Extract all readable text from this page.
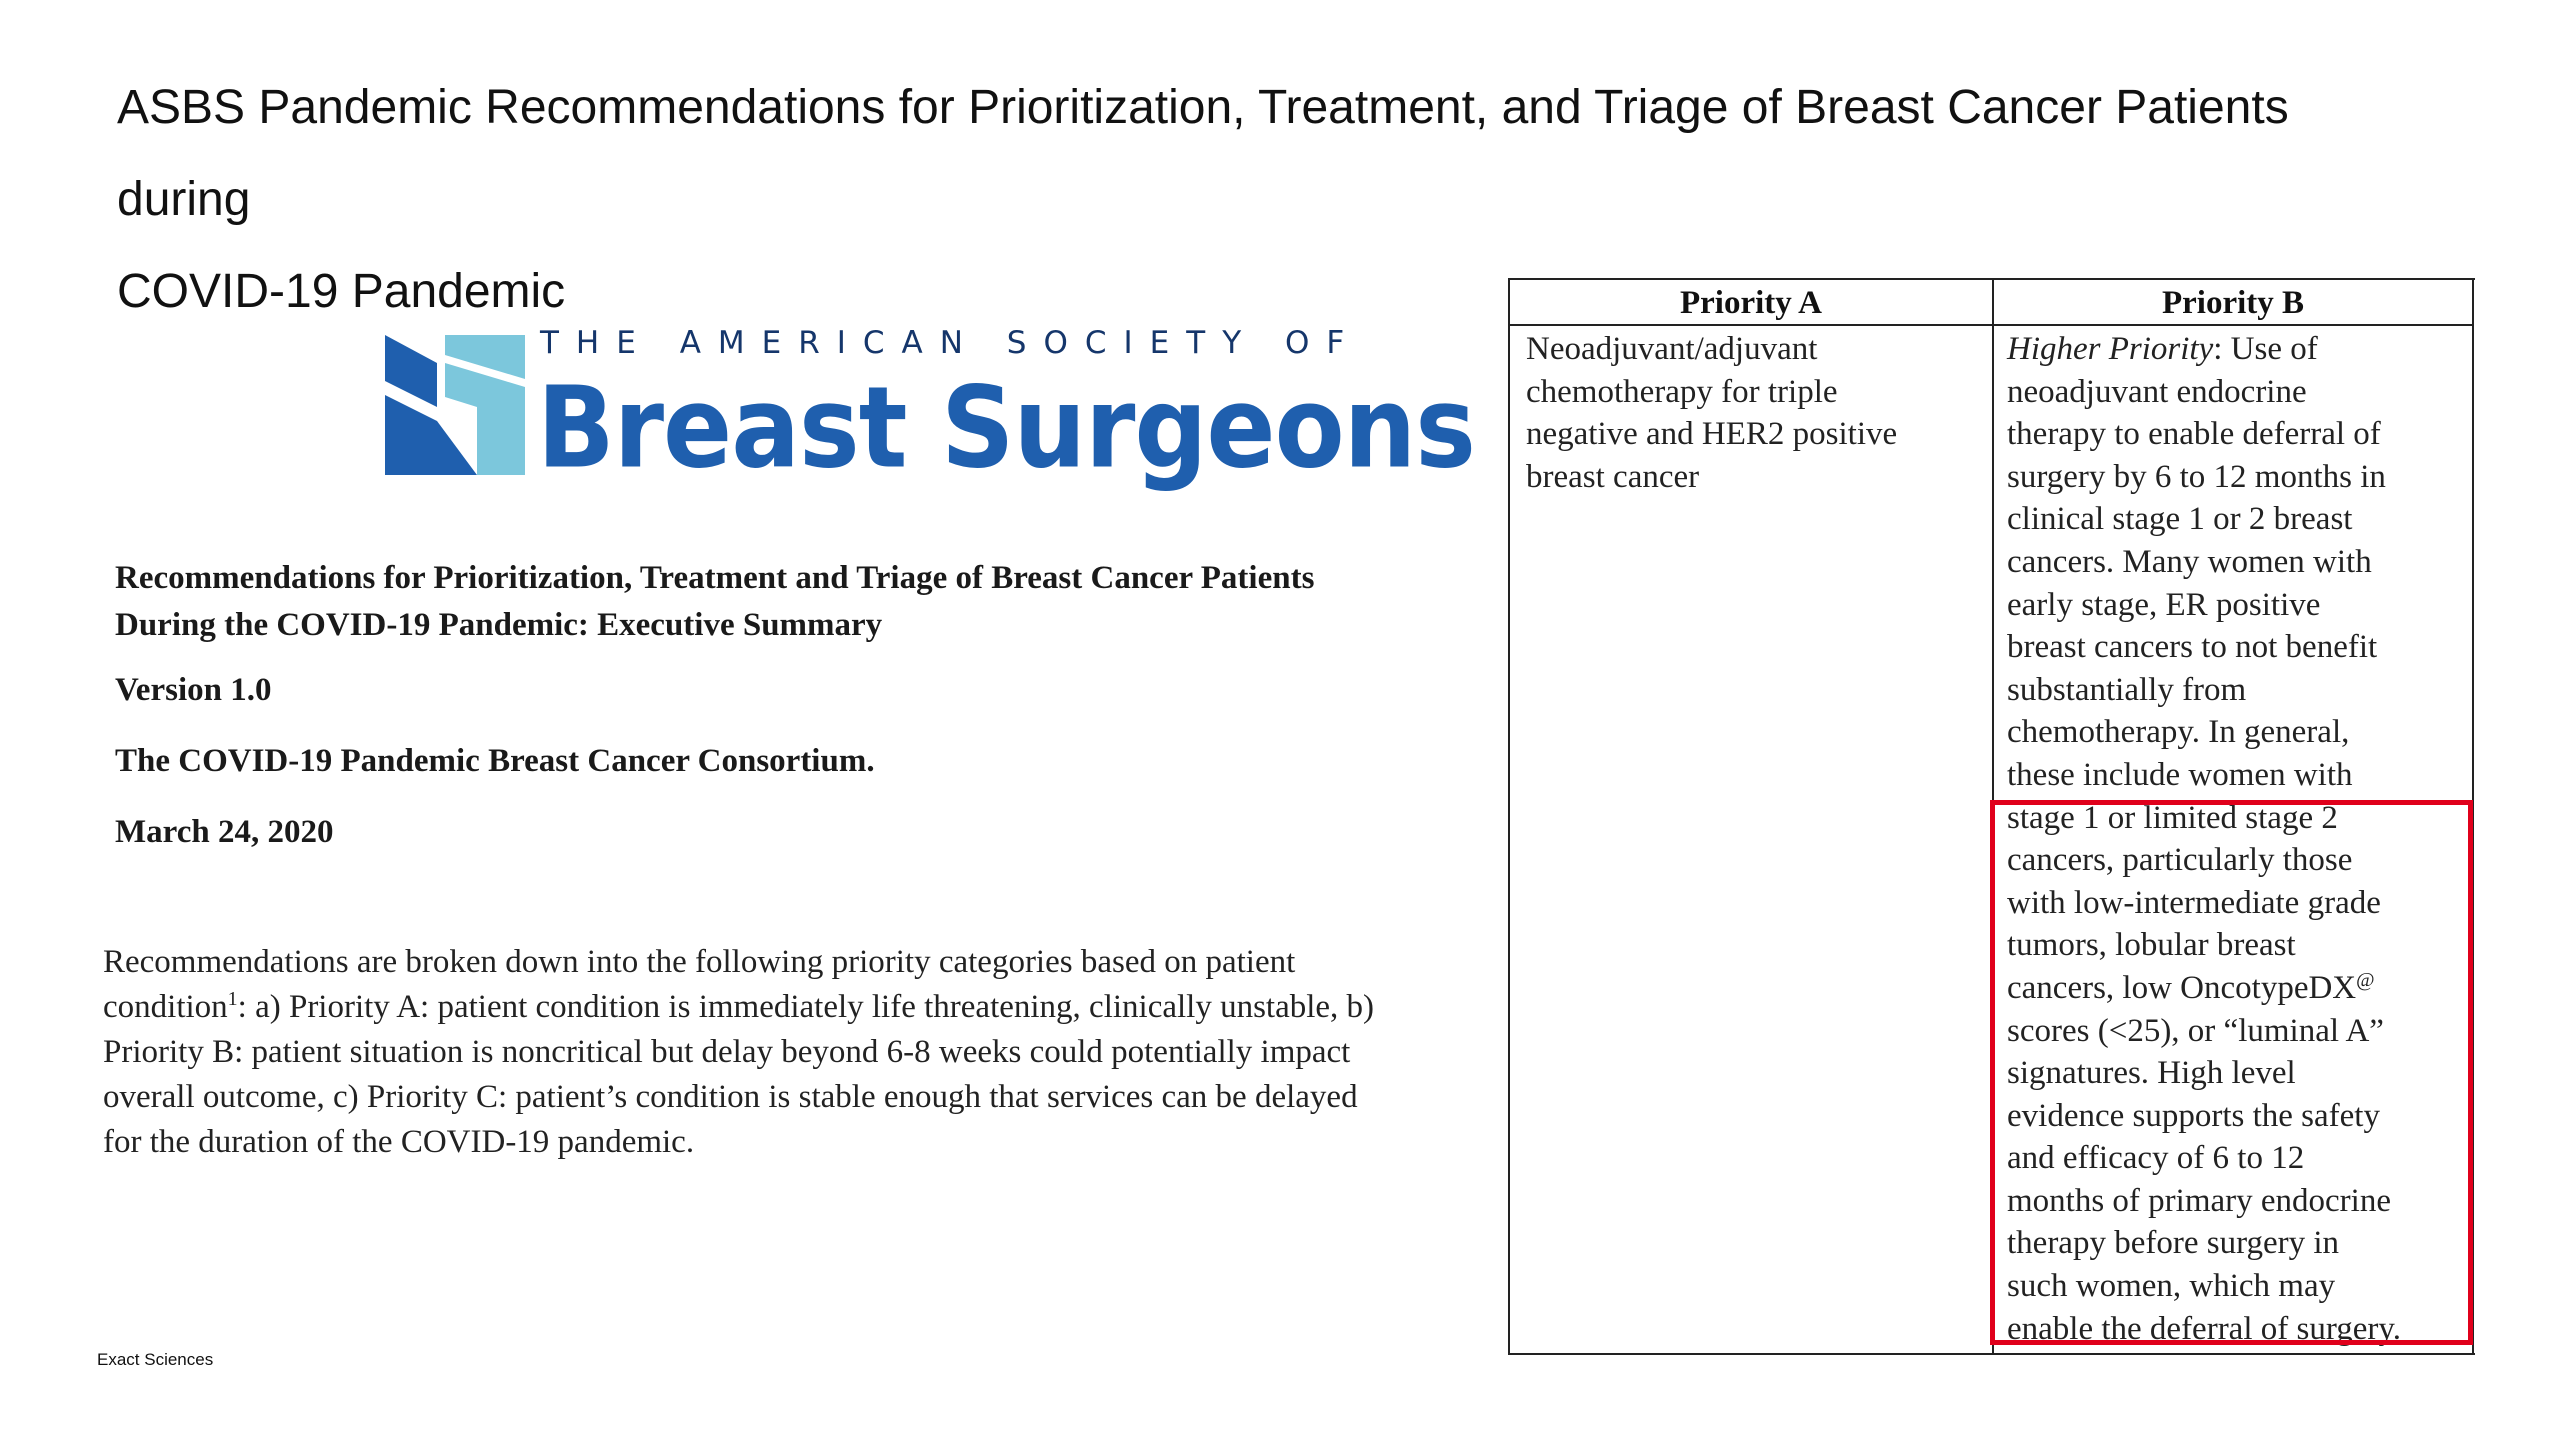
ASBS Pandemic Recommendations for Prioritization, Treatment, and Triage of Breast Cancer Patients during
COVID-19 Pandemic
THE AMERICAN SOCIETY OF
Breast Surgeons
Recommendations for Prioritization, Treatment and Triage of Breast Cancer Patients
During the COVID-19 Pandemic: Executive Summary
Version 1.0
The COVID-19 Pandemic Breast Cancer Consortium.
March 24, 2020
Recommendations are broken down into the following priority categories based on patient
condition$^1$: a) Priority A: patient condition is immediately life threatening, clinically unstable, b)
Priority B: patient situation is noncritical but delay beyond 6-8 weeks could potentially impact
overall outcome, c) Priority C: patient’s condition is stable enough that services can be delayed
for the duration of the COVID-19 pandemic.
Exact Sciences
Priority A
Neoadjuvant/adjuvant
chemotherapy for triple
negative and HER2 positive
breast cancer
Priority B
Higher Priority: Use of
neoadjuvant endocrine
therapy to enable deferral of
surgery by 6 to 12 months in
clinical stage 1 or 2 breast
cancers. Many women with
early stage, ER positive
breast cancers to not benefit
substantially from
chemotherapy. In general,
these include women with
stage 1 or limited stage 2
cancers, particularly those
with low-intermediate grade
tumors, lobular breast
cancers, low OncotypeDX@
scores (<25), or “luminal A”
signatures. High level
evidence supports the safety
and efficacy of 6 to 12
months of primary endocrine
therapy before surgery in
such women, which may
enable the deferral of surgery.
